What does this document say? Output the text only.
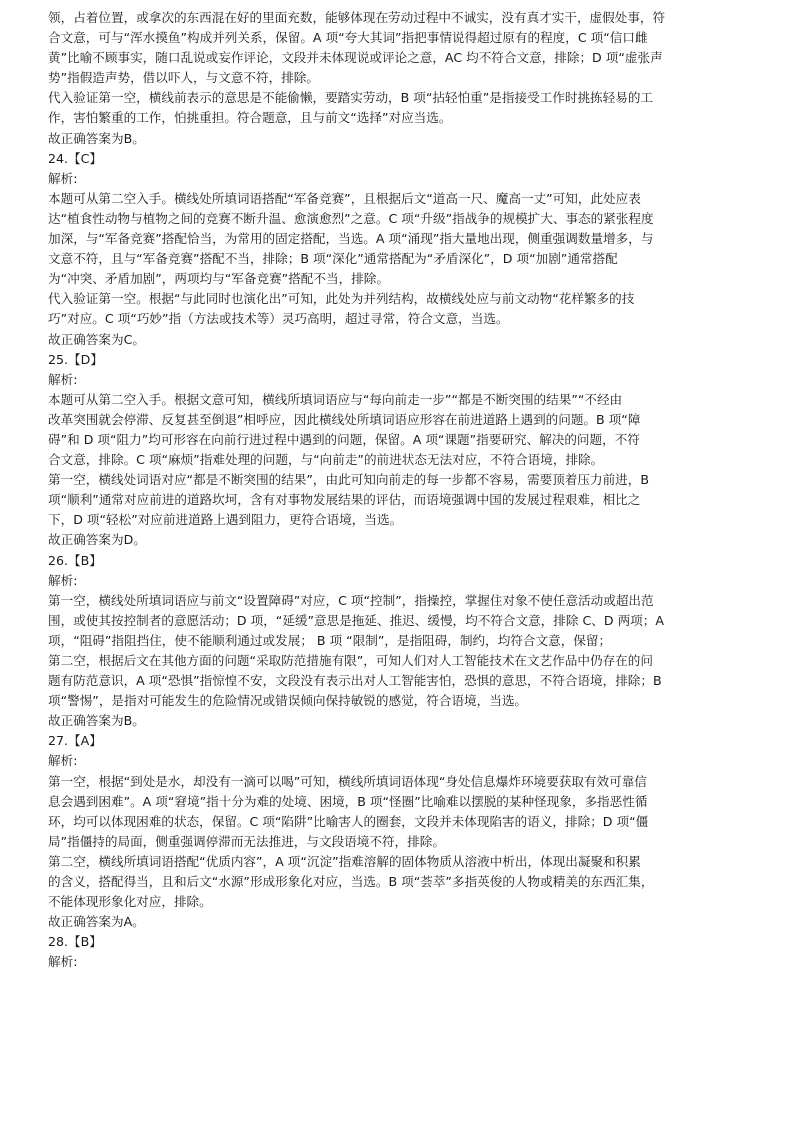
领，占着位置，或拿次的东西混在好的里面充数，能够体现在劳动过程中不诚实，没有真才实干，虚假处事，符
合文意，可与“浑水摸鱼”构成并列关系，保留。A 项“夸大其词”指把事情说得超过原有的程度，C 项“信口雌
黄”比喻不顾事实，随口乱说或妄作评论，文段并未体现说或评论之意，AC 均不符合文意，排除；D 项“虚张声
势”指假造声势，借以吓人，与文意不符，排除。
代入验证第一空，横线前表示的意思是不能偷懒，要踏实劳动，B 项“拈轻怕重”是指接受工作时挑拣轻易的工
作，害怕繁重的工作，怕挑重担。符合题意，且与前文“选择”对应当选。
故正确答案为B。
24.【C】
解析:
本题可从第二空入手。横线处所填词语搭配“军备竞赛”，且根据后文“道高一尺、魔高一丈”可知，此处应表
达“植食性动物与植物之间的竞赛不断升温、愈演愈烈”之意。C 项“升级”指战争的规模扩大、事态的紧张程度
加深，与“军备竞赛”搭配恰当，为常用的固定搭配，当选。A 项“涌现”指大量地出现，侧重强调数量增多，与
文意不符，且与“军备竞赛”搭配不当，排除；B 项“深化”通常搭配为“矛盾深化”，D 项“加剧”通常搭配
为“冲突、矛盾加剧”，两项均与“军备竞赛”搭配不当，排除。
代入验证第一空。根据“与此同时也演化出”可知，此处为并列结构，故横线处应与前文动物“花样繁多的技
巧”对应。C 项“巧妙”指（方法或技术等）灵巧高明，超过寻常，符合文意，当选。
故正确答案为C。
25.【D】
解析:
本题可从第二空入手。根据文意可知，横线所填词语应与“每向前走一步”“都是不断突围的结果”“不经由
改革突围就会停滞、反复甚至倒退”相呼应，因此横线处所填词语应形容在前进道路上遇到的问题。B 项“障
碍”和 D 项“阻力”均可形容在向前行进过程中遇到的问题，保留。A 项“课题”指要研究、解决的问题，不符
合文意，排除。C 项“麻烦”指难处理的问题，与“向前走”的前进状态无法对应，不符合语境，排除。
第一空，横线处词语对应“都是不断突围的结果”，由此可知向前走的每一步都不容易，需要顶着压力前进，B
项“顺利”通常对应前进的道路坎坷，含有对事物发展结果的评估，而语境强调中国的发展过程艰难，相比之
下，D 项“轻松”对应前进道路上遇到阻力，更符合语境，当选。
故正确答案为D。
26.【B】
解析:
第一空，横线处所填词语应与前文“设置障碍”对应，C 项“控制”，指操控，掌握住对象不使任意活动或超出范
围，或使其按控制者的意愿活动；D 项，“延缓”意思是拖延、推迟、缓慢，均不符合文意，排除 C、D 两项；A
项，“阻碍”指阻挡住，使不能顺利通过或发展； B 项 “限制”，是指阻碍，制约，均符合文意，保留；
第二空，根据后文在其他方面的问题“采取防范措施有限”，可知人们对人工智能技术在文艺作品中仍存在的问
题有防范意识，A 项“恐惧”指惊惶不安，文段没有表示出对人工智能害怕，恐惧的意思，不符合语境，排除；B
项“警惕”，是指对可能发生的危险情况或错误倾向保持敏锐的感觉，符合语境，当选。
故正确答案为B。
27.【A】
解析:
第一空，根据“到处是水，却没有一滴可以喝”可知，横线所填词语体现“身处信息爆炸环境要获取有效可靠信
息会遇到困难”。A 项“窘境”指十分为难的处境、困境，B 项“怪圈”比喻难以摆脱的某种怪现象，多指恶性循
环，均可以体现困难的状态，保留。C 项“陷阱”比喻害人的圈套，文段并未体现陷害的语义，排除；D 项“僵
局”指僵持的局面，侧重强调停滞而无法推进，与文段语境不符，排除。
第二空，横线所填词语搭配“优质内容”，A 项“沉淀”指难溶解的固体物质从溶液中析出，体现出凝聚和积累
的含义，搭配得当，且和后文“水源”形成形象化对应，当选。B 项“荟萃”多指英俊的人物或精美的东西汇集，
不能体现形象化对应，排除。
故正确答案为A。
28.【B】
解析:
